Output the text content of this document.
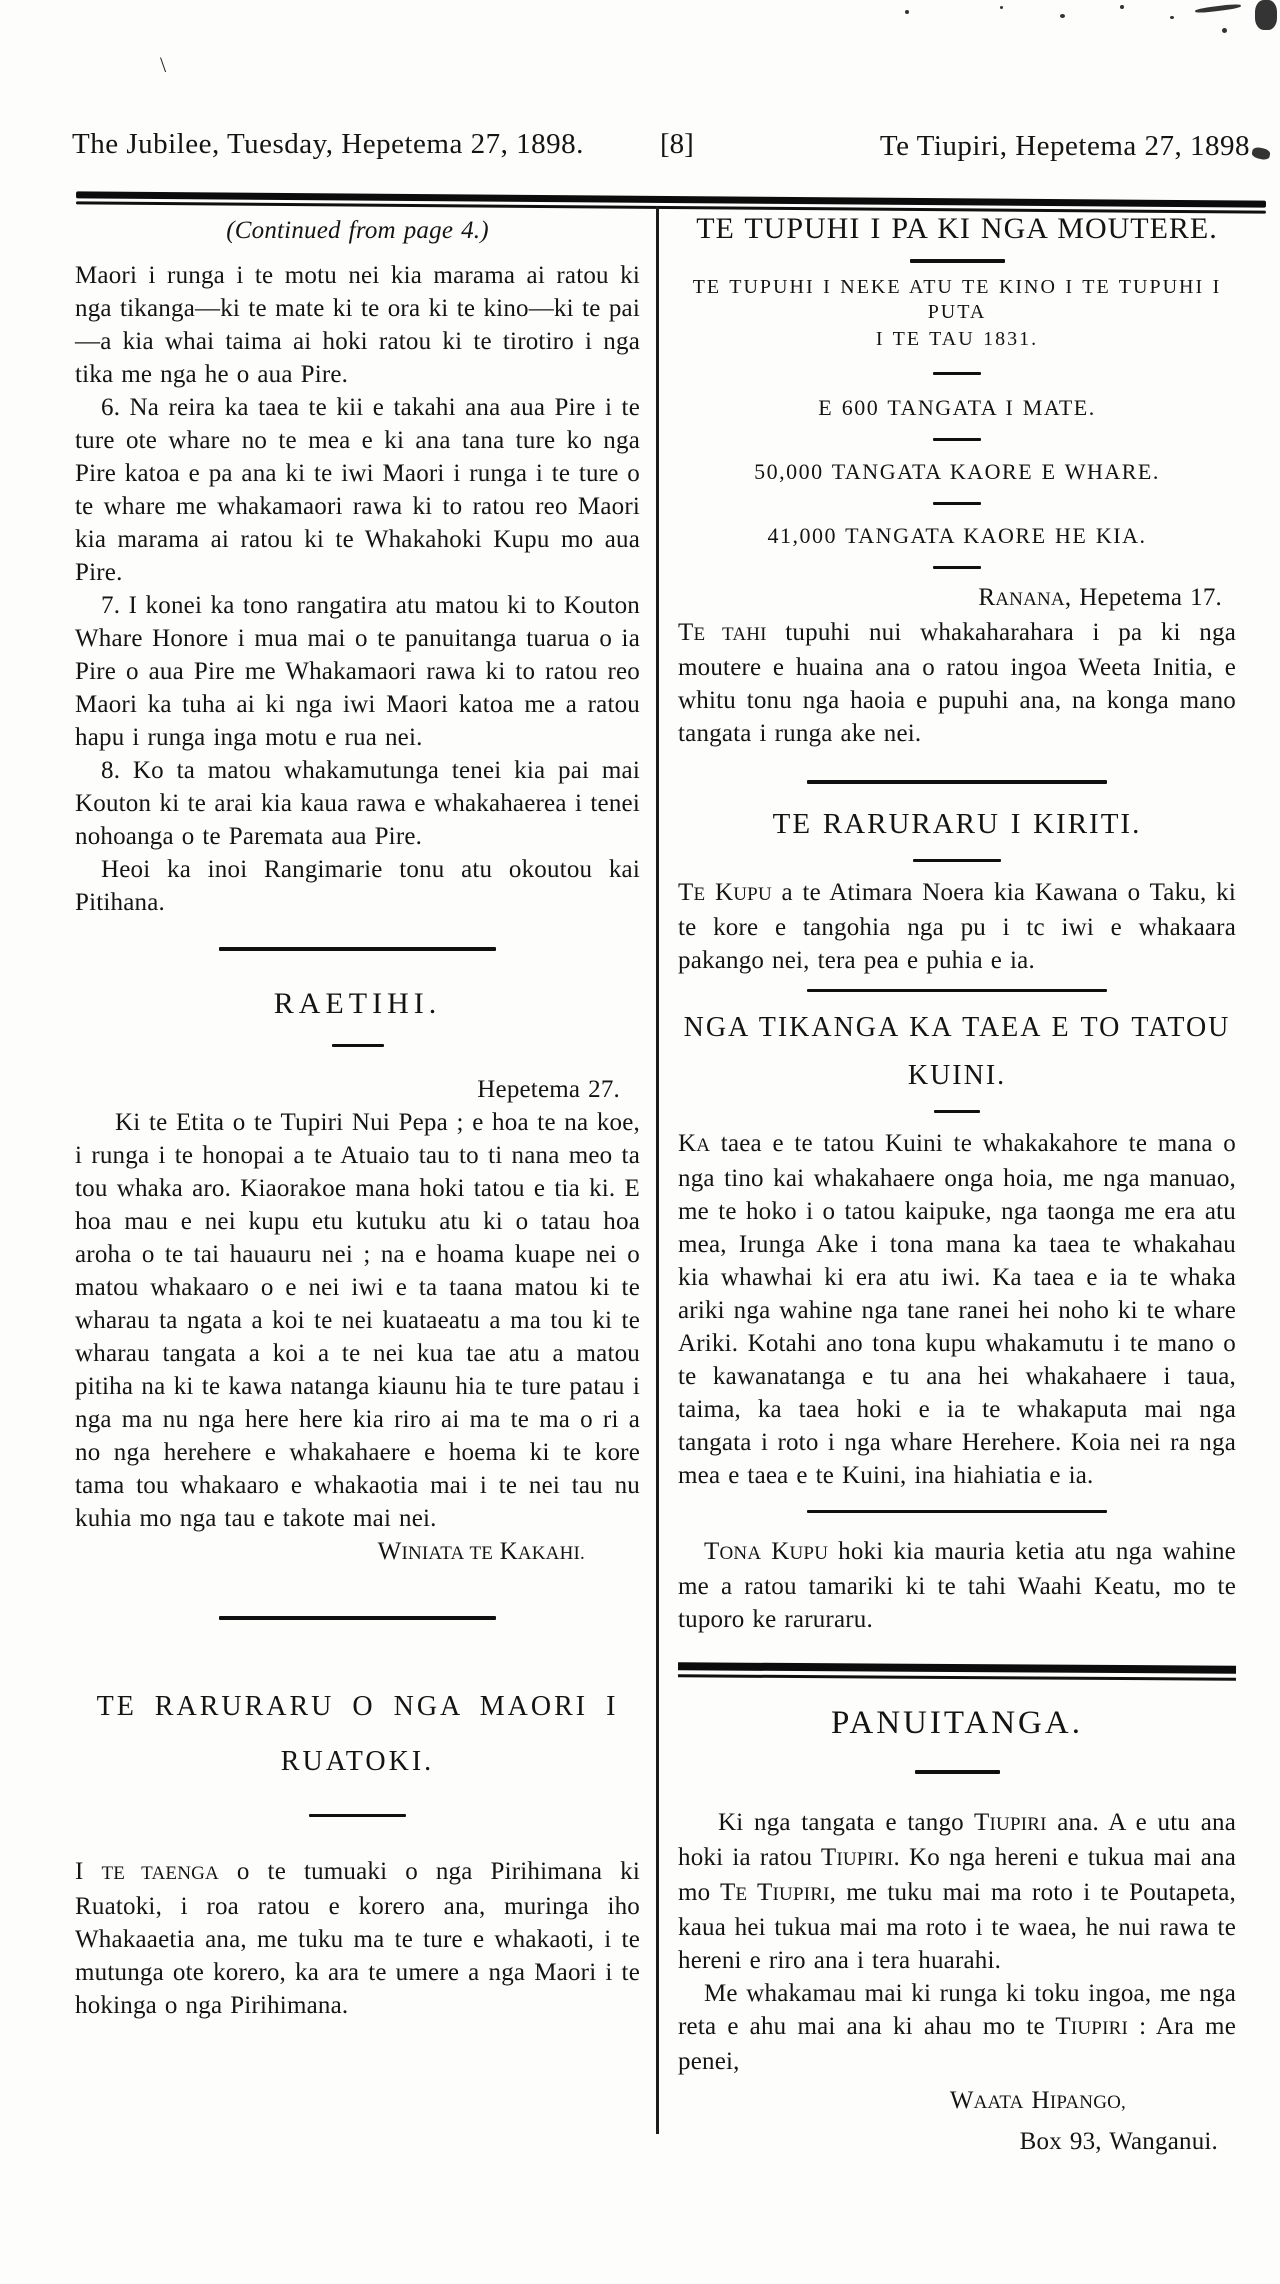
\
The Jubilee, Tuesday, Hepetema 27, 1898.	[8]	Te Tiupiri, Hepetema 27, 1898

(Continued from page 4.)

Maori i runga i te motu nei kia marama ai ratou ki nga tikanga—ki te mate ki te ora ki te kino—ki te pai—a kia whai taima ai hoki ratou ki te tirotiro i nga tika me nga he o aua Pire.

6. Na reira ka taea te kii e takahi ana aua Pire i te ture ote whare no te mea e ki ana tana ture ko nga Pire katoa e pa ana ki te iwi Maori i runga i te ture o te whare me whakamaori rawa ki to ratou reo Maori kia marama ai ratou ki te Whakahoki Kupu mo aua Pire.

7. I konei ka tono rangatira atu matou ki to Kouton Whare Honore i mua mai o te panuitanga tuarua o ia Pire o aua Pire me Whakamaori rawa ki to ratou reo Maori ka tuha ai ki nga iwi Maori katoa me a ratou hapu i runga inga motu e rua nei.

8. Ko ta matou whakamutunga tenei kia pai mai Kouton ki te arai kia kaua rawa e whakahaerea i tenei nohoanga o te Paremata aua Pire.

Heoi ka inoi Rangimarie tonu atu okoutou kai Pitihana.

RAETIHI.

Hepetema 27.

Ki te Etita o te Tupiri Nui Pepa ; e hoa te na koe, i runga i te honopai a te Atuaio tau to ti nana meo ta tou whaka aro. Kiaorakoe mana hoki tatou e tia ki. E hoa mau e nei kupu etu kutuku atu ki o tatau hoa aroha o te tai hauauru nei ; na e hoama kuape nei o matou whakaaro o e nei iwi e ta taana matou ki te wharau ta ngata a koi te nei kuataeatu a ma tou ki te wharau tangata a koi a te nei kua tae atu a matou pitiha na ki te kawa natanga kiaunu hia te ture patau i nga ma nu nga here here kia riro ai ma te ma o ri a no nga herehere e whakahaere e hoema ki te kore tama tou whakaaro e whakaotia mai i te nei tau nu kuhia mo nga tau e takote mai nei.

WINIATA TE KAKAHI.

TE RARURARU O NGA MAORI I
RUATOKI.

I TE TAENGA o te tumuaki o nga Pirihimana ki Ruatoki, i roa ratou e korero ana, muringa iho Whakaaetia ana, me tuku ma te ture e whakaoti, i te mutunga ote korero, ka ara te umere a nga Maori i te hokinga o nga Pirihimana.

TE TUPUHI I PA KI NGA MOUTERE.
TE TUPUHI I NEKE ATU TE KINO I TE TUPUHI I PUTA
I TE TAU 1831.
E 600 TANGATA I MATE.
50,000 TANGATA KAORE E WHARE.
41,000 TANGATA KAORE HE KIA.

RANANA, Hepetema 17.

TE TAHI tupuhi nui whakaharahara i pa ki nga moutere e huaina ana o ratou ingoa Weeta Initia, e whitu tonu nga haoia e pupuhi ana, na konga mano tangata i runga ake nei.

TE RARURARU I KIRITI.

TE KUPU a te Atimara Noera kia Kawana o Taku, ki te kore e tangohia nga pu i tc iwi e whakaara pakango nei, tera pea e puhia e ia.

NGA TIKANGA KA TAEA E TO TATOU KUINI.

KA taea e te tatou Kuini te whakakahore te mana o nga tino kai whakahaere onga hoia, me nga manuao, me te hoko i o tatou kaipuke, nga taonga me era atu mea, Irunga Ake i tona mana ka taea te whakahau kia whawhai ki era atu iwi. Ka taea e ia te whaka ariki nga wahine nga tane ranei hei noho ki te whare Ariki. Kotahi ano tona kupu whakamutu i te mano o te kawanatanga e tu ana hei whakahaere i taua, taima, ka taea hoki e ia te whakaputa mai nga tangata i roto i nga whare Herehere. Koia nei ra nga mea e taea e te Kuini, ina hiahiatia e ia.

TONA KUPU hoki kia mauria ketia atu nga wahine me a ratou tamariki ki te tahi Waahi Keatu, mo te tuporo ke raruraru.

PANUITANGA.

Ki nga tangata e tango TIUPIRI ana. A e utu ana hoki ia ratou TIUPIRI. Ko nga hereni e tukua mai ana mo TE TIUPIRI, me tuku mai ma roto i te Poutapeta, kaua hei tukua mai ma roto i te waea, he nui rawa te hereni e riro ana i tera huarahi.

Me whakamau mai ki runga ki toku ingoa, me nga reta e ahu mai ana ki ahau mo te TIUPIRI : Ara me penei,

WAATA HIPANGO,

Box 93, Wanganui.
